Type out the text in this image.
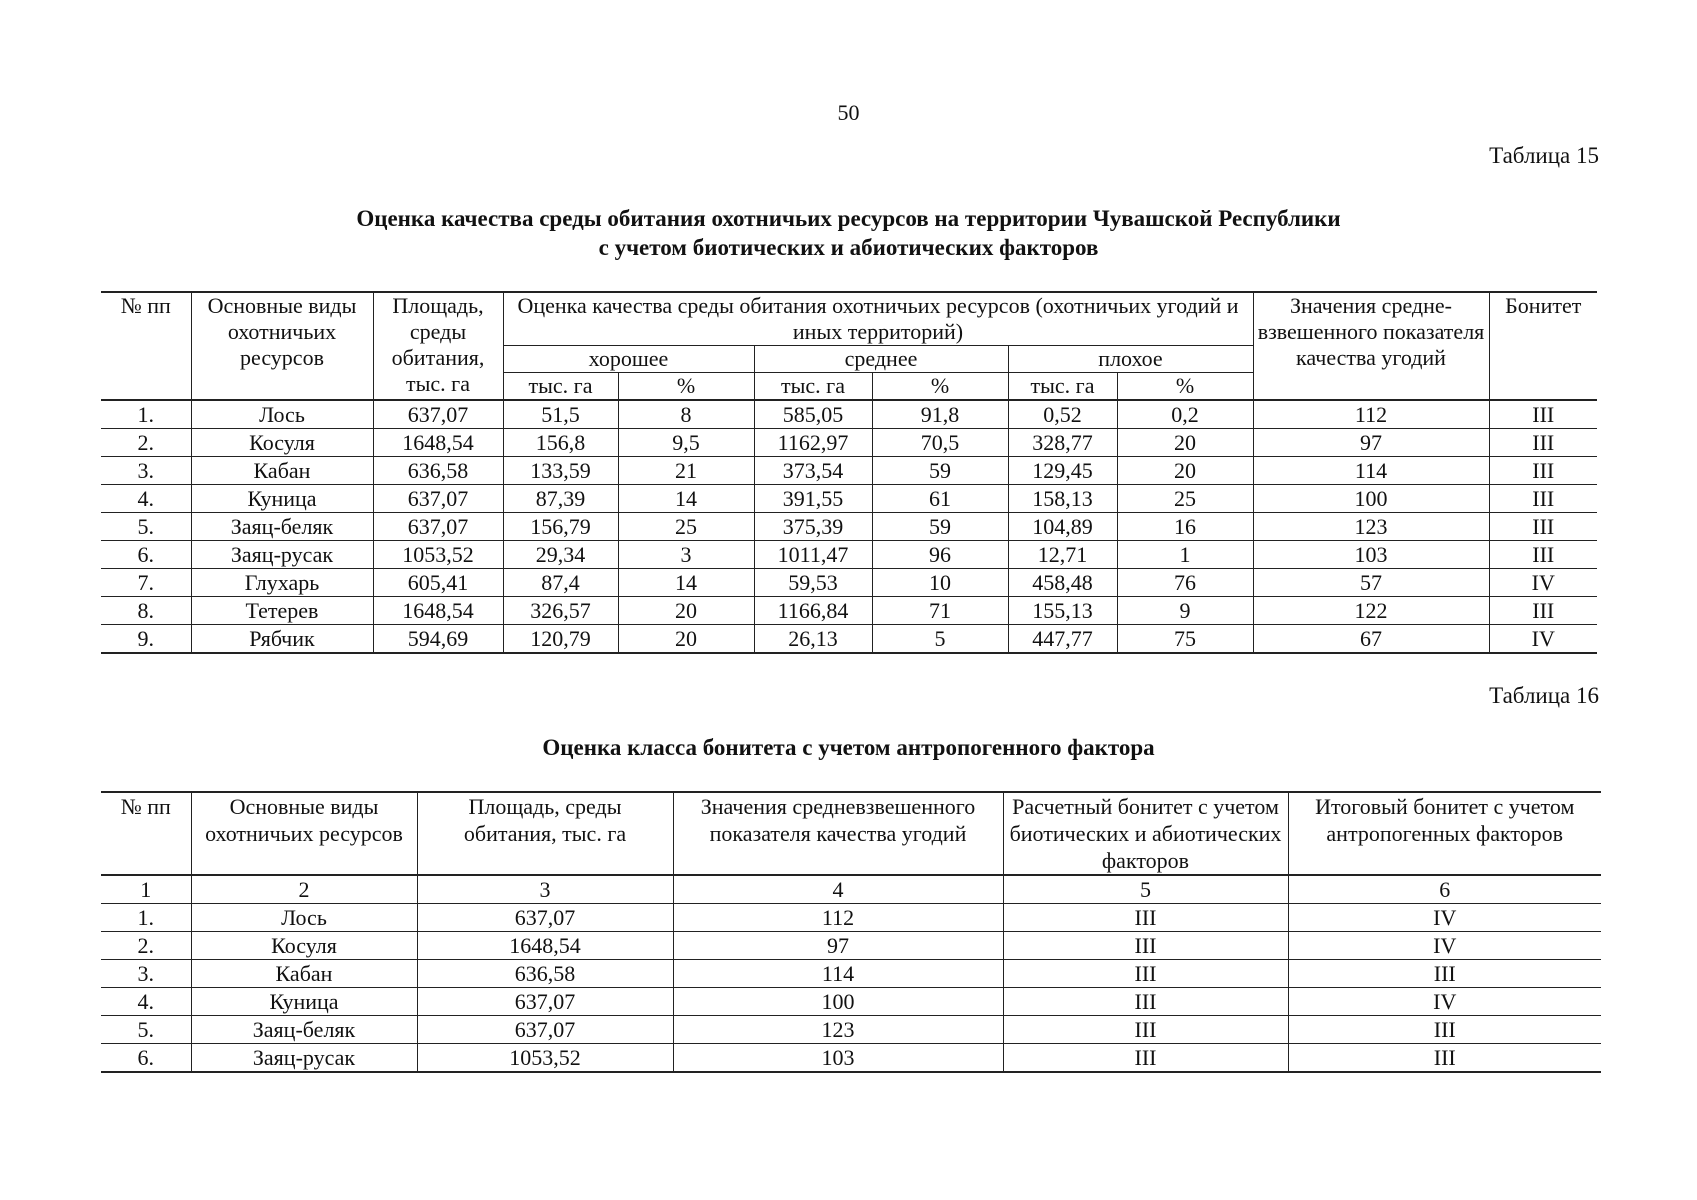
50
Таблица 15
Оценка качества среды обитания охотничьих ресурсов на территории Чувашской Республики
с учетом биотических и абиотических факторов
№ пп	Основные виды охотничьих ресурсов	Площадь, среды обитания, тыс. га	Оценка качества среды обитания охотничьих ресурсов (охотничьих угодий и иных территорий)						Значения средне-взвешенного показателя качества угодий	Бонитет
			хорошее		среднее		плохое			
			тыс. га	%	тыс. га	%	тыс. га	%		
1.	Лось	637,07	51,5	8	585,05	91,8	0,52	0,2	112	III
2.	Косуля	1648,54	156,8	9,5	1162,97	70,5	328,77	20	97	III
3.	Кабан	636,58	133,59	21	373,54	59	129,45	20	114	III
4.	Куница	637,07	87,39	14	391,55	61	158,13	25	100	III
5.	Заяц-беляк	637,07	156,79	25	375,39	59	104,89	16	123	III
6.	Заяц-русак	1053,52	29,34	3	1011,47	96	12,71	1	103	III
7.	Глухарь	605,41	87,4	14	59,53	10	458,48	76	57	IV
8.	Тетерев	1648,54	326,57	20	1166,84	71	155,13	9	122	III
9.	Рябчик	594,69	120,79	20	26,13	5	447,77	75	67	IV
Таблица 16
Оценка класса бонитета с учетом антропогенного фактора
№ пп	Основные виды охотничьих ресурсов	Площадь, среды обитания, тыс. га	Значения средневзвешенного показателя качества угодий	Расчетный бонитет с учетом биотических и абиотических факторов	Итоговый бонитет с учетом антропогенных факторов
1	2	3	4	5	6
1.	Лось	637,07	112	III	IV
2.	Косуля	1648,54	97	III	IV
3.	Кабан	636,58	114	III	III
4.	Куница	637,07	100	III	IV
5.	Заяц-беляк	637,07	123	III	III
6.	Заяц-русак	1053,52	103	III	III
